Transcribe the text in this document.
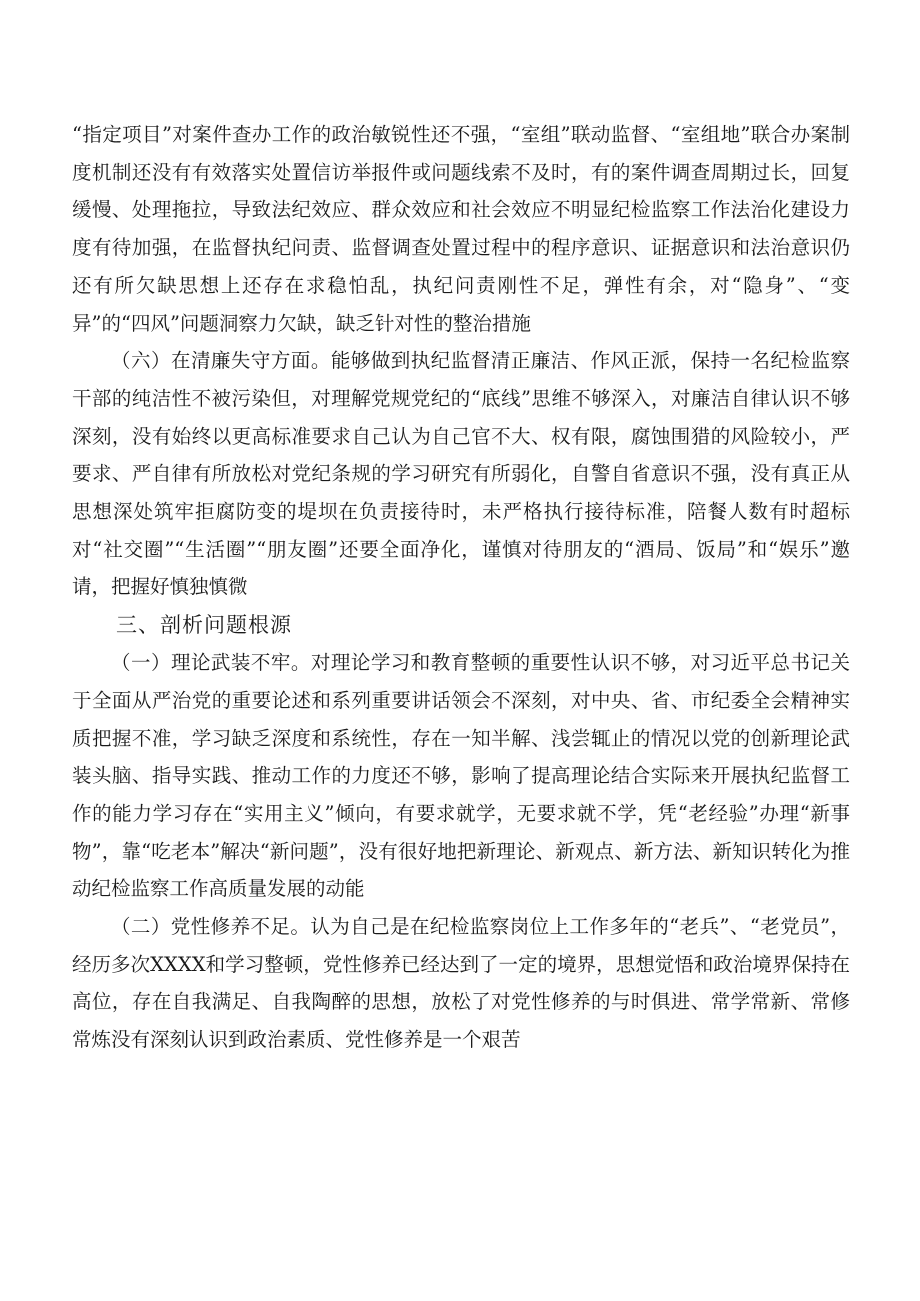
“指定项目”对案件查办工作的政治敏锐性还不强，“室组”联动监督、“室组地”联合办案制度机制还没有有效落实处置信访举报件或问题线索不及时，有的案件调查周期过长，回复缓慢、处理拖拉，导致法纪效应、群众效应和社会效应不明显纪检监察工作法治化建设力度有待加强，在监督执纪问责、监督调查处置过程中的程序意识、证据意识和法治意识仍还有所欠缺思想上还存在求稳怕乱，执纪问责刚性不足，弹性有余，对“隐身”、“变异”的“四风”问题洞察力欠缺，缺乏针对性的整治措施

（六）在清廉失守方面。能够做到执纪监督清正廉洁、作风正派，保持一名纪检监察干部的纯洁性不被污染但，对理解党规党纪的“底线”思维不够深入，对廉洁自律认识不够深刻，没有始终以更高标准要求自己认为自己官不大、权有限，腐蚀围猎的风险较小，严要求、严自律有所放松对党纪条规的学习研究有所弱化，自警自省意识不强，没有真正从思想深处筑牢拒腐防变的堤坝在负责接待时，未严格执行接待标准，陪餐人数有时超标对“社交圈”“生活圈”“朋友圈”还要全面净化，谨慎对待朋友的“酒局、饭局”和“娱乐”邀请，把握好慎独慎微

三、剖析问题根源

（一）理论武装不牢。对理论学习和教育整顿的重要性认识不够，对习近平总书记关于全面从严治党的重要论述和系列重要讲话领会不深刻，对中央、省、市纪委全会精神实质把握不准，学习缺乏深度和系统性，存在一知半解、浅尝辄止的情况以党的创新理论武装头脑、指导实践、推动工作的力度还不够，影响了提高理论结合实际来开展执纪监督工作的能力学习存在“实用主义”倾向，有要求就学，无要求就不学，凭“老经验”办理“新事物”，靠“吃老本”解决“新问题”，没有很好地把新理论、新观点、新方法、新知识转化为推动纪检监察工作高质量发展的动能

（二）党性修养不足。认为自己是在纪检监察岗位上工作多年的“老兵”、“老党员”，经历多次XXXX和学习整顿，党性修养已经达到了一定的境界，思想觉悟和政治境界保持在高位，存在自我满足、自我陶醉的思想，放松了对党性修养的与时俱进、常学常新、常修常炼没有深刻认识到政治素质、党性修养是一个艰苦
